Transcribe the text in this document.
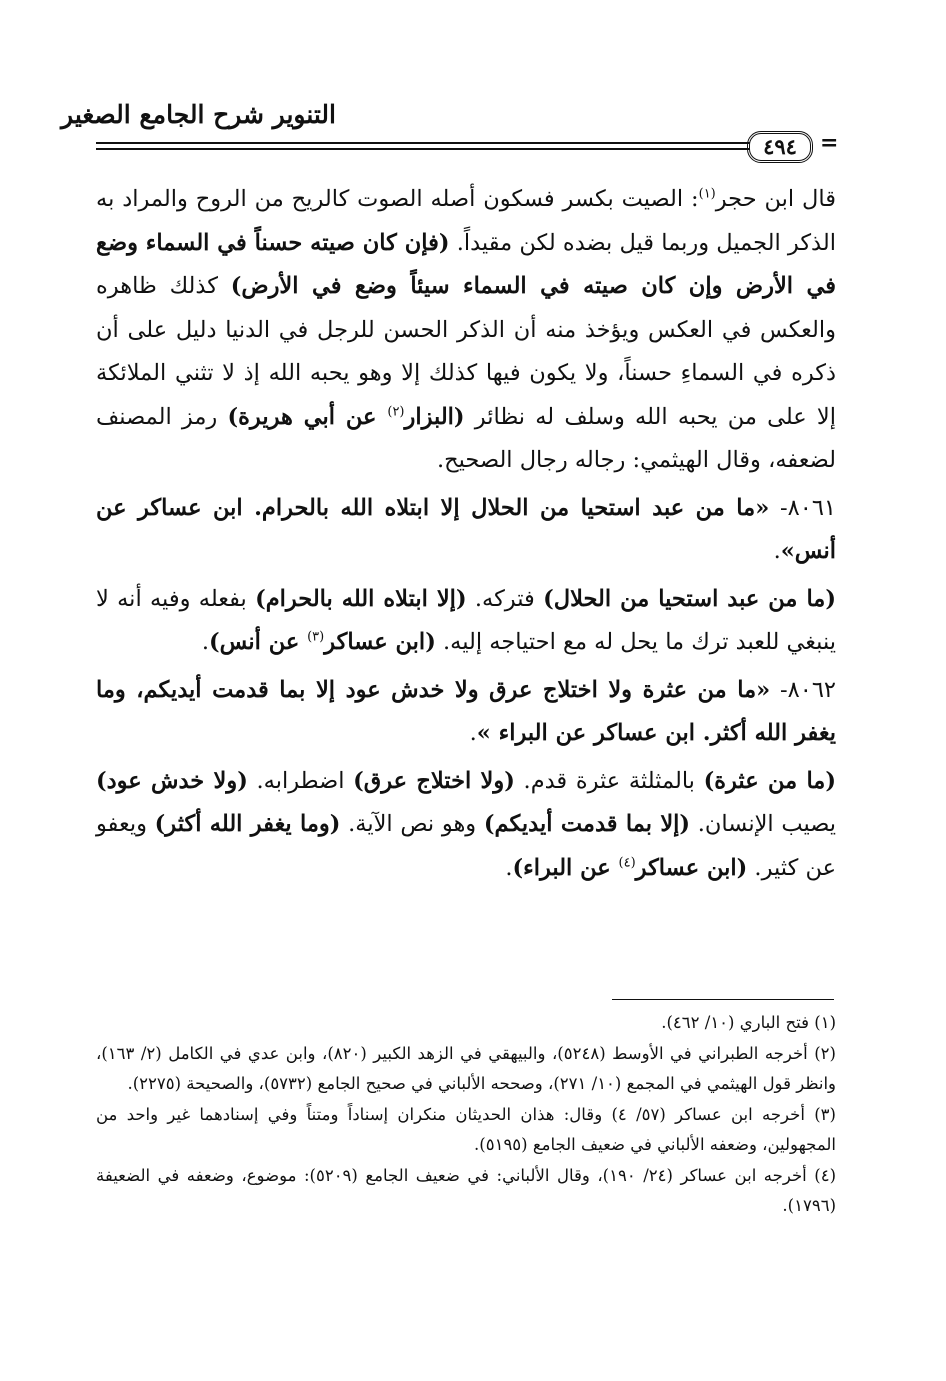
التنوير شرح الجامع الصغير
٤٩٤	=

قال ابن حجر$^{(١)}$: الصيت بكسر فسكون أصله الصوت كالريح من الروح والمراد به الذكر الجميل وربما قيل بضده لكن مقيداً. (فإن كان صيته حسناً في السماء وضع في الأرض وإن كان صيته في السماء سيئاً وضع في الأرض) كذلك ظاهره والعكس في العكس ويؤخذ منه أن الذكر الحسن للرجل في الدنيا دليل على أن ذكره في السماءِ حسناً، ولا يكون فيها كذلك إلا وهو يحبه الله إذ لا تثني الملائكة إلا على من يحبه الله وسلف له نظائر (البزار$^{(٢)}$ عن أبي هريرة) رمز المصنف لضعفه، وقال الهيثمي: رجاله رجال الصحيح.

٨٠٦١- «ما من عبد استحيا من الحلال إلا ابتلاه الله بالحرام. ابن عساكر عن أنس».

(ما من عبد استحيا من الحلال) فتركه. (إلا ابتلاه الله بالحرام) بفعله وفيه أنه لا ينبغي للعبد ترك ما يحل له مع احتياجه إليه. (ابن عساكر$^{(٣)}$ عن أنس).

٨٠٦٢- «ما من عثرة ولا اختلاج عرق ولا خدش عود إلا بما قدمت أيديكم، وما يغفر الله أكثر. ابن عساكر عن البراء ».

(ما من عثرة) بالمثلثة عثرة قدم. (ولا اختلاج عرق) اضطرابه. (ولا خدش عود) يصيب الإنسان. (إلا بما قدمت أيديكم) وهو نص الآية. (وما يغفر الله أكثر) ويعفو عن كثير. (ابن عساكر$^{(٤)}$ عن البراء).

(١) فتح الباري (١٠/ ٤٦٢).

(٢) أخرجه الطبراني في الأوسط (٥٢٤٨)، والبيهقي في الزهد الكبير (٨٢٠)، وابن عدي في الكامل (٢/ ١٦٣)، وانظر قول الهيثمي في المجمع (١٠/ ٢٧١)، وصححه الألباني في صحيح الجامع (٥٧٣٢)، والصحيحة (٢٢٧٥).

(٣) أخرجه ابن عساكر (٥٧/ ٤) وقال: هذان الحديثان منكران إسناداً ومتناً وفي إسنادهما غير واحد من المجهولين، وضعفه الألباني في ضعيف الجامع (٥١٩٥).

(٤) أخرجه ابن عساكر (٢٤/ ١٩٠)، وقال الألباني: في ضعيف الجامع (٥٢٠٩): موضوع، وضعفه في الضعيفة (١٧٩٦).
